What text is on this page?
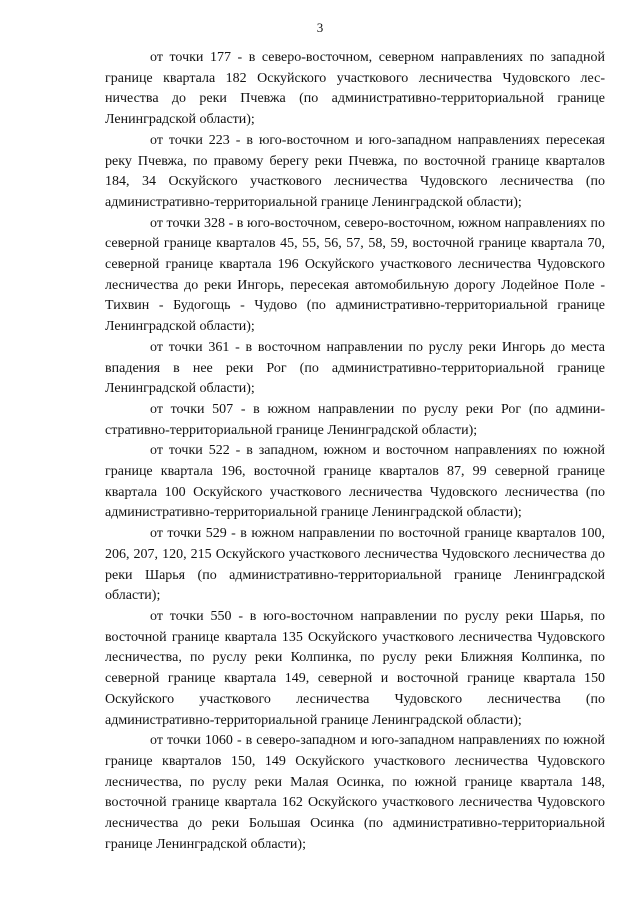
3

от точки 177 - в северо-восточном, северном направлениях по западной границе квартала 182 Оскуйского участкового лесничества Чудовского лесничества до реки Пчевжа (по административно-территориальной границе Ленинградской области);

от точки 223 - в юго-восточном и юго-западном направлениях пересекая реку Пчевжа, по правому берегу реки Пчевжа, по восточной границе кварталов 184, 34 Оскуйского участкового лесничества Чудовского лесничества (по административно-территориальной границе Ленинградской области);

от точки 328 - в юго-восточном, северо-восточном, южном направлениях по северной границе кварталов 45, 55, 56, 57, 58, 59, восточной границе квартала 70, северной границе квартала 196 Оскуйского участкового лесничества Чудовского лесничества до реки Ингорь, пересекая автомобильную дорогу Лодейное Поле - Тихвин - Будогощь - Чудово (по административно-территориальной границе Ленинградской области);

от точки 361 - в восточном направлении по руслу реки Ингорь до места впадения в нее реки Рог (по административно-территориальной границе Ленинградской области);

от точки 507 - в южном направлении по руслу реки Рог (по административно-территориальной границе Ленинградской области);

от точки 522 - в западном, южном и восточном направлениях по южной границе квартала 196, восточной границе кварталов 87, 99 северной границе квартала 100 Оскуйского участкового лесничества Чудовского лесничества (по административно-территориальной границе Ленинградской области);

от точки 529 - в южном направлении по восточной границе кварталов 100, 206, 207, 120, 215 Оскуйского участкового лесничества Чудовского лесничества до реки Шарья (по административно-территориальной границе Ленинградской области);

от точки 550 - в юго-восточном направлении по руслу реки Шарья, по восточной границе квартала 135 Оскуйского участкового лесничества Чудовского лесничества, по руслу реки Колпинка, по руслу реки Ближняя Колпинка, по северной границе квартала 149, северной и восточной границе квартала 150 Оскуйского участкового лесничества Чудовского лесничества (по административно-территориальной границе Ленинградской области);

от точки 1060 - в северо-западном и юго-западном направлениях по южной границе кварталов 150, 149 Оскуйского участкового лесничества Чудовского лесничества, по руслу реки Малая Осинка, по южной границе квартала 148, восточной границе квартала 162 Оскуйского участкового лесничества Чудовского лесничества до реки Большая Осинка (по административно-территориальной границе Ленинградской области);
